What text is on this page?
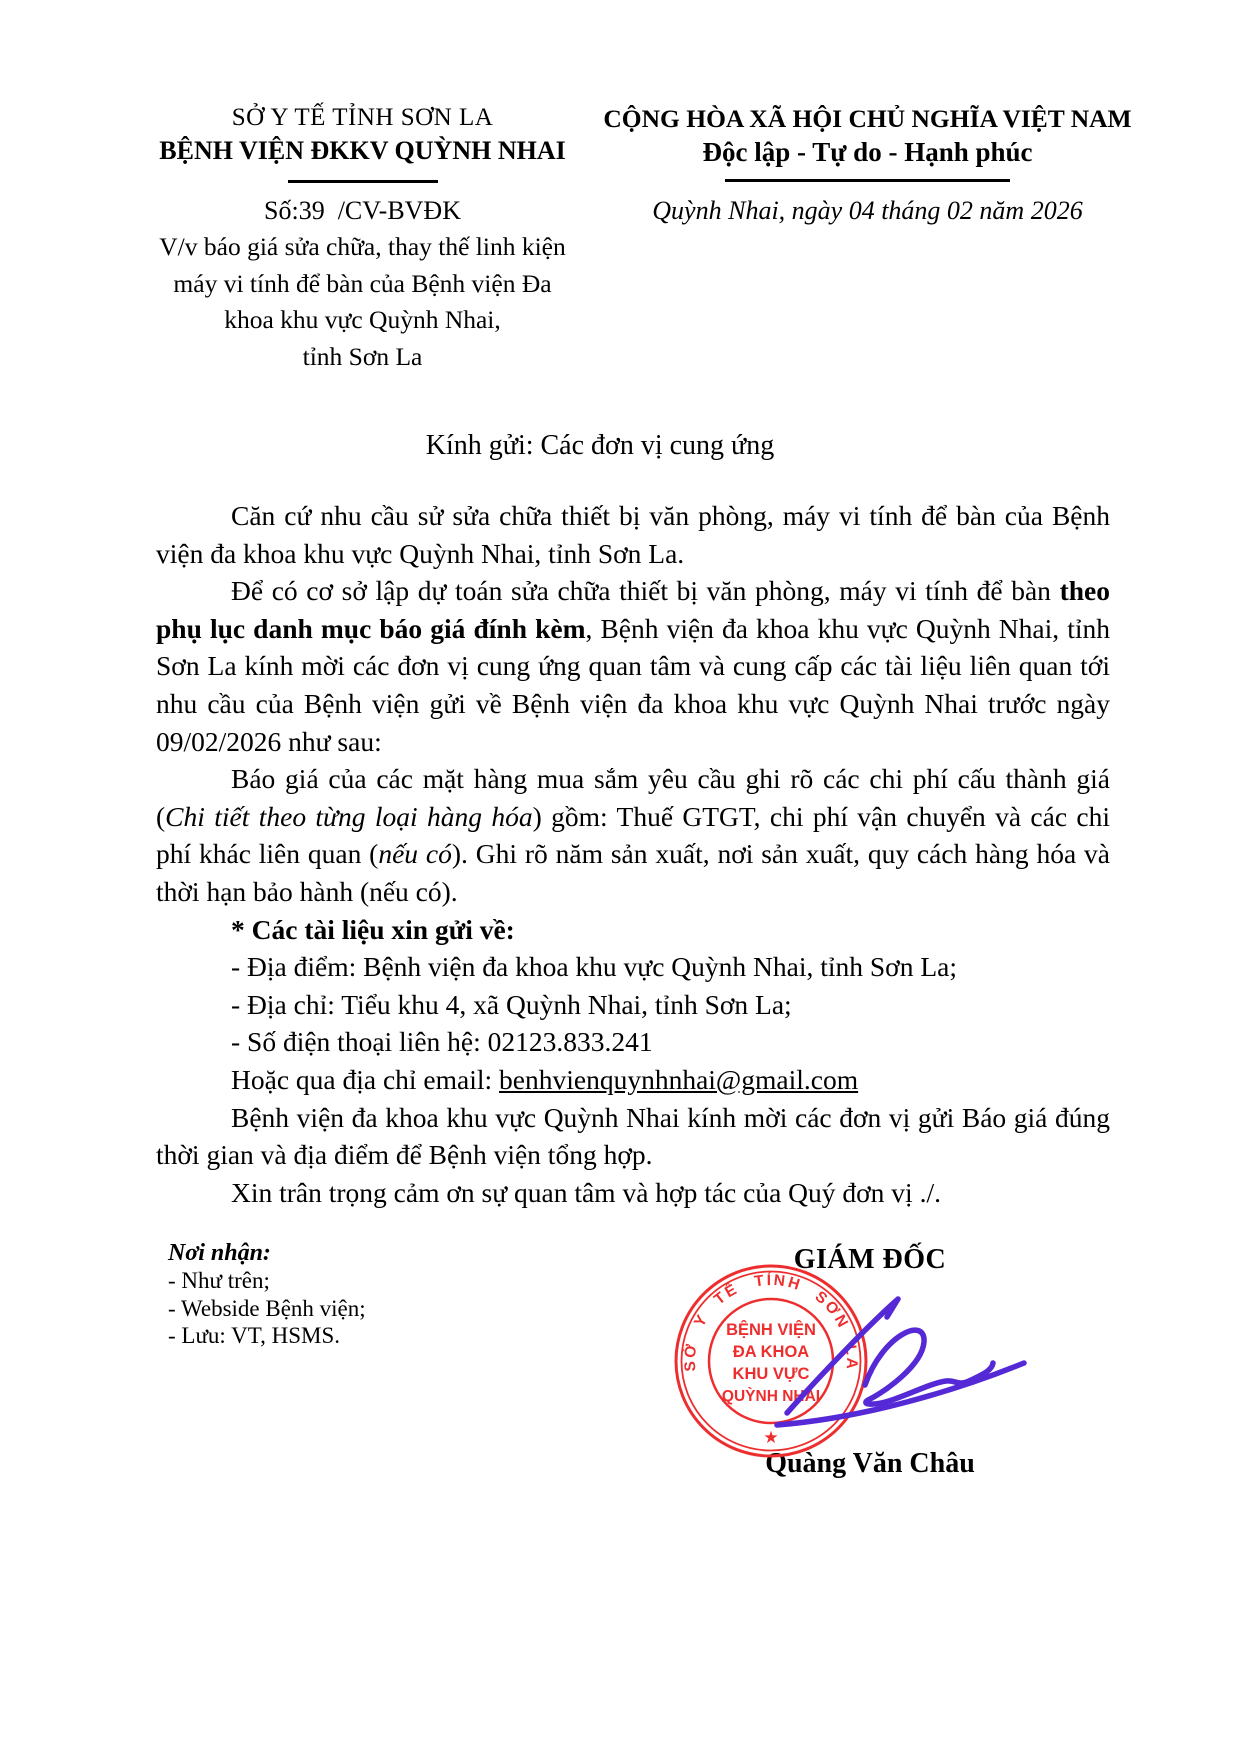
SỞ Y TẾ TỈNH SƠN LA
BỆNH VIỆN ĐKKV QUỲNH NHAI
Số:39  /CV-BVĐK
V/v báo giá sửa chữa, thay thế linh kiện
máy vi tính để bàn của Bệnh viện Đa
khoa khu vực Quỳnh Nhai,
tỉnh Sơn La
CỘNG HÒA XÃ HỘI CHỦ NGHĨA VIỆT NAM
Độc lập - Tự do - Hạnh phúc
Quỳnh Nhai, ngày 04 tháng 02 năm 2026
Kính gửi: Các đơn vị cung ứng

Căn cứ nhu cầu sử sửa chữa thiết bị văn phòng, máy vi tính để bàn của Bệnh viện đa khoa khu vực Quỳnh Nhai, tỉnh Sơn La.

Để có cơ sở lập dự toán sửa chữa thiết bị văn phòng, máy vi tính để bàn theo phụ lục danh mục báo giá đính kèm, Bệnh viện đa khoa khu vực Quỳnh Nhai, tỉnh Sơn La kính mời các đơn vị cung ứng quan tâm và cung cấp các tài liệu liên quan tới nhu cầu của Bệnh viện gửi về Bệnh viện đa khoa khu vực Quỳnh Nhai trước ngày 09/02/2026 như sau:

Báo giá của các mặt hàng mua sắm yêu cầu ghi rõ các chi phí cấu thành giá (Chi tiết theo từng loại hàng hóa) gồm: Thuế GTGT, chi phí vận chuyển và các chi phí khác liên quan (nếu có). Ghi rõ năm sản xuất, nơi sản xuất, quy cách hàng hóa và thời hạn bảo hành (nếu có).

* Các tài liệu xin gửi về:

- Địa điểm: Bệnh viện đa khoa khu vực Quỳnh Nhai, tỉnh Sơn La;

- Địa chỉ: Tiểu khu 4, xã Quỳnh Nhai, tỉnh Sơn La;

- Số điện thoại liên hệ: 02123.833.241

Hoặc qua địa chỉ email: benhvienquynhnhai@gmail.com

Bệnh viện đa khoa khu vực Quỳnh Nhai kính mời các đơn vị gửi Báo giá đúng thời gian và địa điểm để Bệnh viện tổng hợp.

Xin trân trọng cảm ơn sự quan tâm và hợp tác của Quý đơn vị ./.

Nơi nhận:
- Như trên;
- Webside Bệnh viện;
- Lưu: VT, HSMS.
GIÁM ĐỐC
SỞ Y TẾ TỈNH SƠN LA
★
BỆNH VIỆN
ĐA KHOA
KHU VỰC
QUỲNH NHAI
Quàng Văn Châu
